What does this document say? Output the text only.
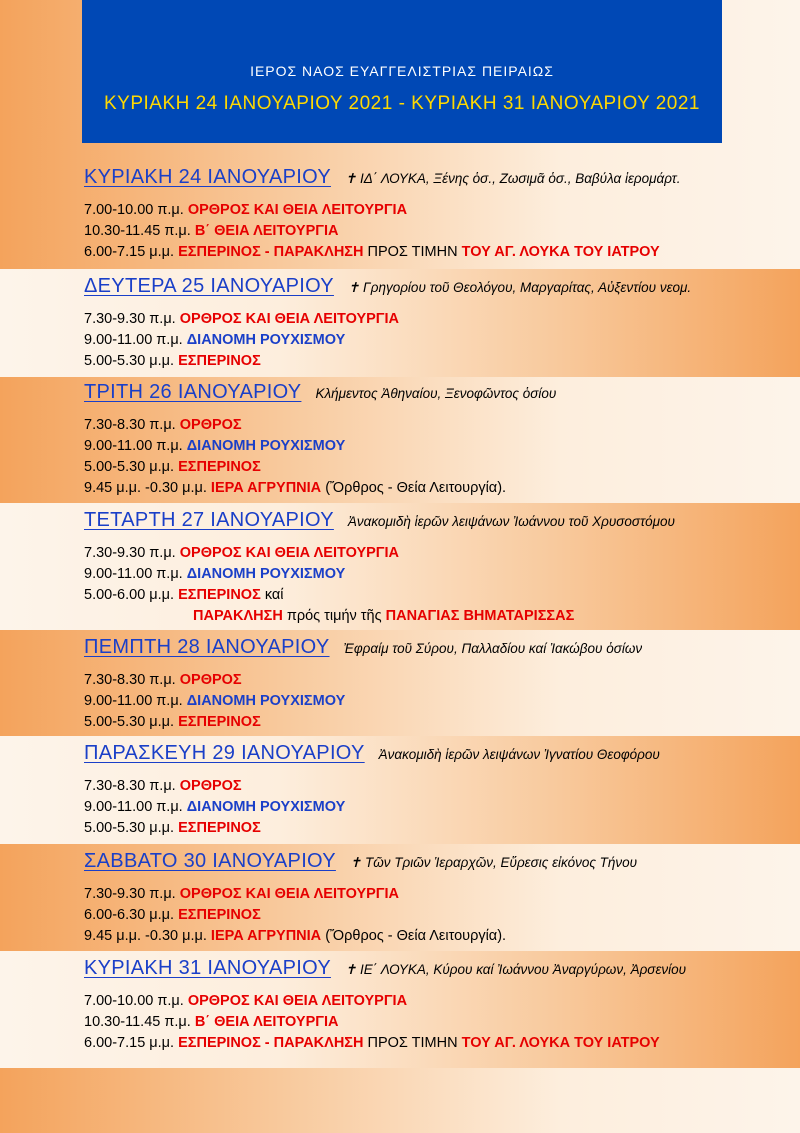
ΙΕΡΟΣ ΝΑΟΣ ΕΥΑΓΓΕΛΙΣΤΡΙΑΣ ΠΕΙΡΑΙΩΣ
ΚΥΡΙΑΚΗ 24 ΙΑΝΟΥΑΡΙΟΥ 2021 - ΚΥΡΙΑΚΗ 31 ΙΑΝΟΥΑΡΙΟΥ 2021
ΚΥΡΙΑΚΗ 24 ΙΑΝΟΥΑΡΙΟΥ ✝ ΙΔ΄ ΛΟΥΚΑ, Ξένης ὁσ., Ζωσιμᾶ ὁσ., Βαβύλα ἱερομάρτ.
7.00-10.00 π.μ. ΟΡΘΡΟΣ ΚΑΙ ΘΕΙΑ ΛΕΙΤΟΥΡΓΙΑ
10.30-11.45 π.μ. Β΄ ΘΕΙΑ ΛΕΙΤΟΥΡΓΙΑ
6.00-7.15 μ.μ. ΕΣΠΕΡΙΝΟΣ - ΠΑΡΑΚΛΗΣΗ ΠΡΟΣ ΤΙΜΗΝ ΤΟΥ ΑΓ. ΛΟΥΚΑ ΤΟΥ ΙΑΤΡΟΥ
ΔΕΥΤΕΡΑ 25 ΙΑΝΟΥΑΡΙΟΥ ✝ Γρηγορίου τοῦ Θεολόγου, Μαργαρίτας, Αὐξεντίου νεομ.
7.30-9.30 π.μ. ΟΡΘΡΟΣ ΚΑΙ ΘΕΙΑ ΛΕΙΤΟΥΡΓΙΑ
9.00-11.00 π.μ. ΔΙΑΝΟΜΗ ΡΟΥΧΙΣΜΟΥ
5.00-5.30 μ.μ. ΕΣΠΕΡΙΝΟΣ
ΤΡΙΤΗ 26 ΙΑΝΟΥΑΡΙΟΥ Κλήμεντος Ἀθηναίου, Ξενοφῶντος ὁσίου
7.30-8.30 π.μ. ΟΡΘΡΟΣ
9.00-11.00 π.μ. ΔΙΑΝΟΜΗ ΡΟΥΧΙΣΜΟΥ
5.00-5.30 μ.μ. ΕΣΠΕΡΙΝΟΣ
9.45 μ.μ. -0.30 μ.μ. ΙΕΡΑ ΑΓΡΥΠΝΙΑ (Ὄρθρος - Θεία Λειτουργία).
ΤΕΤΑΡΤΗ 27 ΙΑΝΟΥΑΡΙΟΥ Ἀνακομιδὴ ἱερῶν λειψάνων Ἰωάννου τοῦ Χρυσοστόμου
7.30-9.30 π.μ. ΟΡΘΡΟΣ ΚΑΙ ΘΕΙΑ ΛΕΙΤΟΥΡΓΙΑ
9.00-11.00 π.μ. ΔΙΑΝΟΜΗ ΡΟΥΧΙΣΜΟΥ
5.00-6.00 μ.μ. ΕΣΠΕΡΙΝΟΣ καί
ΠΑΡΑΚΛΗΣΗ πρός τιμήν τῆς ΠΑΝΑΓΙΑΣ ΒΗΜΑΤΑΡΙΣΣΑΣ
ΠΕΜΠΤΗ 28 ΙΑΝΟΥΑΡΙΟΥ Ἐφραίμ τοῦ Σύρου, Παλλαδίου καί Ἰακώβου ὁσίων
7.30-8.30 π.μ. ΟΡΘΡΟΣ
9.00-11.00 π.μ. ΔΙΑΝΟΜΗ ΡΟΥΧΙΣΜΟΥ
5.00-5.30 μ.μ. ΕΣΠΕΡΙΝΟΣ
ΠΑΡΑΣΚΕΥΗ 29 ΙΑΝΟΥΑΡΙΟΥ Ἀνακομιδὴ ἱερῶν λειψάνων Ἰγνατίου Θεοφόρου
7.30-8.30 π.μ. ΟΡΘΡΟΣ
9.00-11.00 π.μ. ΔΙΑΝΟΜΗ ΡΟΥΧΙΣΜΟΥ
5.00-5.30 μ.μ. ΕΣΠΕΡΙΝΟΣ
ΣΑΒΒΑΤΟ 30 ΙΑΝΟΥΑΡΙΟΥ ✝ Τῶν Τριῶν Ἱεραρχῶν, Εὕρεσις εἰκόνος Τήνου
7.30-9.30 π.μ. ΟΡΘΡΟΣ ΚΑΙ ΘΕΙΑ ΛΕΙΤΟΥΡΓΙΑ
6.00-6.30 μ.μ. ΕΣΠΕΡΙΝΟΣ
9.45 μ.μ. -0.30 μ.μ. ΙΕΡΑ ΑΓΡΥΠΝΙΑ (Ὄρθρος - Θεία Λειτουργία).
ΚΥΡΙΑΚΗ 31 ΙΑΝΟΥΑΡΙΟΥ ✝ ΙΕ΄ ΛΟΥΚΑ, Κύρου καί Ἰωάννου Ἀναργύρων, Ἀρσενίου
7.00-10.00 π.μ. ΟΡΘΡΟΣ ΚΑΙ ΘΕΙΑ ΛΕΙΤΟΥΡΓΙΑ
10.30-11.45 π.μ. Β΄ ΘΕΙΑ ΛΕΙΤΟΥΡΓΙΑ
6.00-7.15 μ.μ. ΕΣΠΕΡΙΝΟΣ - ΠΑΡΑΚΛΗΣΗ ΠΡΟΣ ΤΙΜΗΝ ΤΟΥ ΑΓ. ΛΟΥΚΑ ΤΟΥ ΙΑΤΡΟΥ
